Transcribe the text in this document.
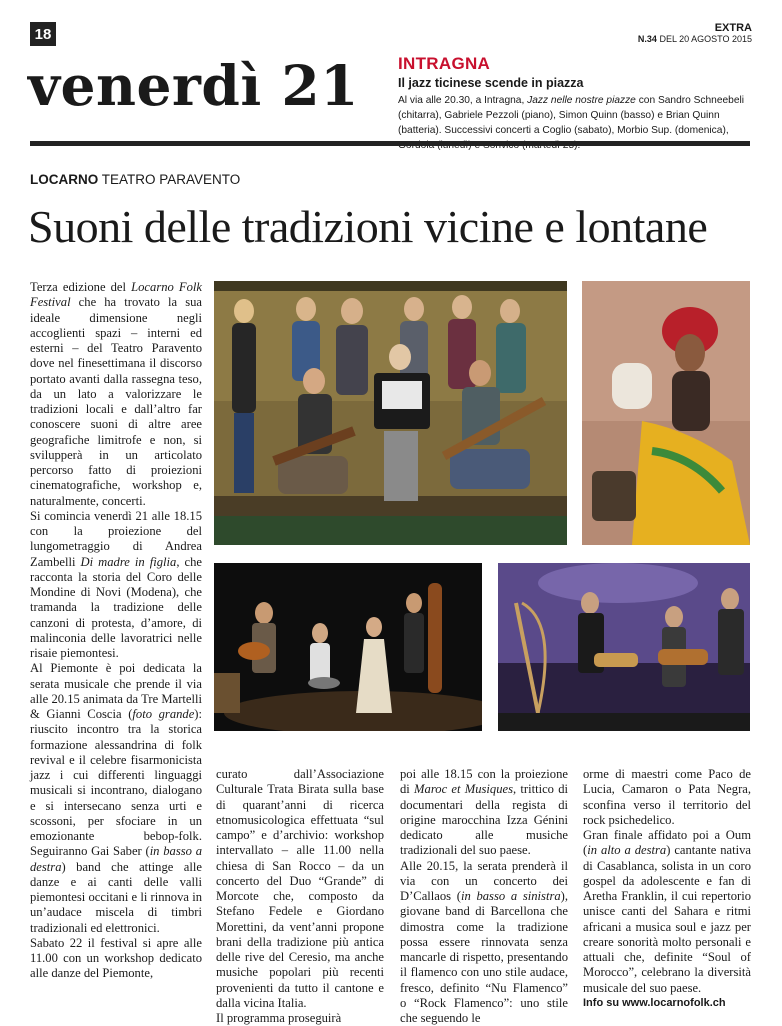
18	EXTRA
N.34 DEL 20 AGOSTO 2015
venerdì 21 INTRAGNA
Il jazz ticinese scende in piazza
Al via alle 20.30, a Intragna, Jazz nelle nostre piazze con Sandro Schneebeli (chitarra), Gabriele Pezzoli (piano), Simon Quinn (basso) e Brian Quinn (batteria). Successivi concerti a Coglio (sabato), Morbio Sup. (domenica),
LOCARNO TEATRO PARAVENTO
Suoni delle tradizioni vicine e lontane

Terza edizione del Locarno Folk Festival che ha trovato la sua ideale dimensione negli accoglienti spazi – interni ed esterni – del Teatro Paravento dove nel finesettimana il discorso portato avanti dalla rassegna teso, da un lato a valorizzare le tradizioni locali e dall’altro far conoscere suoni di altre aree geografiche limitrofe e non, si svilupperà in un articolato percorso fatto di proiezioni cinematografiche, workshop e, naturalmente, concerti.
Si comincia venerdì 21 alle 18.15 con la proiezione del lungometraggio di Andrea Zambelli Di madre in figlia, che racconta la storia del Coro delle Mondine di Novi (Modena), che tramanda la tradizione delle canzoni di protesta, d’amore, di malinconia delle lavoratrici nelle risaie piemontesi.
Al Piemonte è poi dedicata la serata musicale che prende il via alle 20.15 animata da Tre Martelli & Gianni Coscia (foto grande): riuscito incontro tra la storica formazione alessandrina di folk revival e il celebre fisarmonicista jazz i cui differenti linguaggi musicali si incontrano, dialogano e si intersecano senza urti e scossoni, per sfociare in un emozionante bebop-folk. Seguiranno Gai Saber (in basso a destra) band che attinge alle danze e ai canti delle valli piemontesi occitani e li rinnova in un’audace miscela di timbri tradizionali ed elettronici.
Sabato 22 il festival si apre alle 11.00 con un workshop dedicato alle danze del Piemonte,

curato dall’Associazione Culturale Trata Birata sulla base di quarant’anni di ricerca etnomusicologica effettuata “sul campo” e d’archivio: workshop intervallato – alle 11.00 nella chiesa di San Rocco – da un concerto del Duo “Grande” di Morcote che, composto da Stefano Fedele e Giordano Morettini, da vent’anni propone brani della tradizione più antica delle rive del Ceresio, ma anche musiche popolari più recenti provenienti da tutto il cantone e dalla vicina Italia.
Il programma proseguirà

poi alle 18.15 con la proiezione di Maroc et Musiques, trittico di documentari della regista di origine marocchina Izza Génini dedicato alle musiche tradizionali del suo paese.
Alle 20.15, la serata prenderà il via con un concerto dei D’Callaos (in basso a sinistra), giovane band di Barcellona che dimostra come la tradizione possa essere rinnovata senza mancarle di rispetto, presentando il flamenco con uno stile audace, fresco, definito “Nu Flamenco” o “Rock Flamenco”: uno stile che seguendo le

orme di maestri come Paco de Lucia, Camaron o Pata Negra, sconfina verso il territorio del rock psichedelico.
Gran finale affidato poi a Oum (in alto a destra) cantante nativa di Casablanca, solista in un coro gospel da adolescente e fan di Aretha Franklin, il cui repertorio unisce canti del Sahara e ritmi africani a musica soul e jazz per creare sonorità molto personali e attuali che, definite “Soul of Morocco”, celebrano la diversità musicale del suo paese.

Info su www.locarnofolk.ch
